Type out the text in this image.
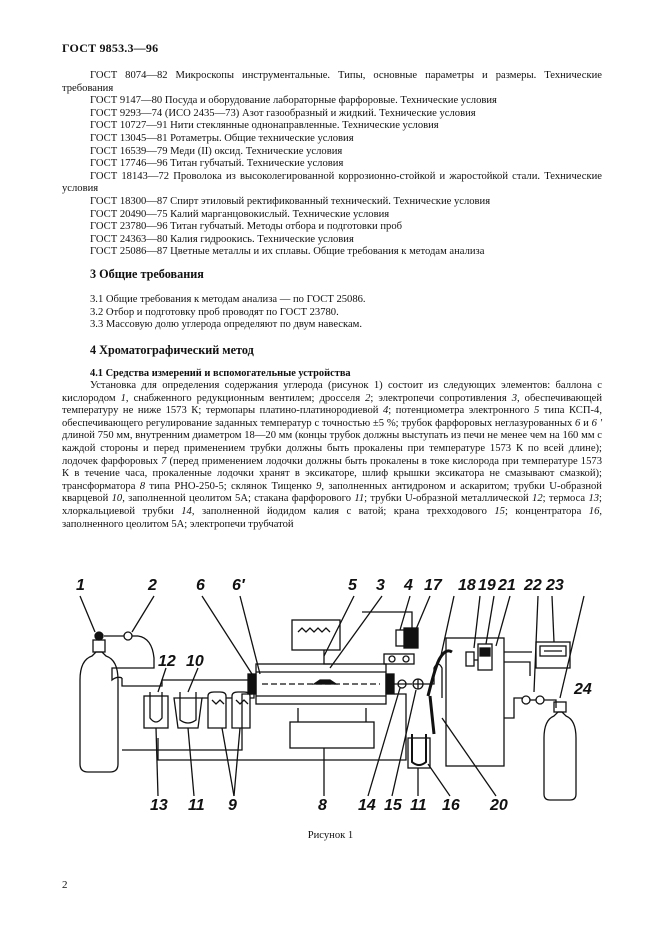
ГОСТ 9853.3—96

ГОСТ 8074—82 Микроскопы инструментальные. Типы, основные параметры и размеры. Технические требования

ГОСТ 9147—80 Посуда и оборудование лабораторные фарфоровые. Технические условия

ГОСТ 9293—74 (ИСО 2435—73) Азот газообразный и жидкий. Технические условия

ГОСТ 10727—91 Нити стеклянные однонаправленные. Технические условия

ГОСТ 13045—81 Ротаметры. Общие технические условия

ГОСТ 16539—79 Меди (II) оксид. Технические условия

ГОСТ 17746—96 Титан губчатый. Технические условия

ГОСТ 18143—72 Проволока из высоколегированной коррозионно-стойкой и жаростойкой стали. Технические условия

ГОСТ 18300—87 Спирт этиловый ректификованный технический. Технические условия

ГОСТ 20490—75 Калий марганцовокислый. Технические условия

ГОСТ 23780—96 Титан губчатый. Методы отбора и подготовки проб

ГОСТ 24363—80 Калия гидроокись. Технические условия

ГОСТ 25086—87 Цветные металлы и их сплавы. Общие требования к методам анализа

3 Общие требования

3.1 Общие требования к методам анализа — по ГОСТ 25086.

3.2 Отбор и подготовку проб проводят по ГОСТ 23780.

3.3 Массовую долю углерода определяют по двум навескам.

4 Хроматографический метод
4.1 Средства измерений и вспомогательные устройства

Установка для определения содержания углерода (рисунок 1) состоит из следующих элементов: баллона с кислородом 1, снабженного редукционным вентилем; дросселя 2; электропечи сопротивления 3, обеспечивающей температуру не ниже 1573 К; термопары платино-платинородиевой 4; потенциометра электронного 5 типа КСП-4, обеспечивающего регулирование заданных температур с точностью ±5 %; трубок фарфоровых неглазурованных 6 и 6 ′ длиной 750 мм, внутренним диаметром 18—20 мм (концы трубок должны выступать из печи не менее чем на 160 мм с каждой стороны и перед применением трубки должны быть прокалены при температуре 1573 К по всей длине); лодочек фарфоровых 7 (перед применением лодочки должны быть прокалены в токе кислорода при температуре 1573 К в течение часа, прокаленные лодочки хранят в эксикаторе, шлиф крышки эксикатора не смазывают смазкой); трансформатора 8 типа РНО-250-5; склянок Тищенко 9, заполненных антидроном и аскаритом; трубки U-образной кварцевой 10, заполненной цеолитом 5А; стакана фарфорового 11; трубки U-образной металлической 12; термоса 13; хлоркальциевой трубки 14, заполненной йодидом калия с ватой; крана трехходового 15; концентратора 16, заполненного цеолитом 5А; электропечи трубчатой

1	2 6 6′	5 3 4 17 18 19 21 22 23
24
12 10
13 11 9	8 14 15 11 16 20
Рисунок 1
2
